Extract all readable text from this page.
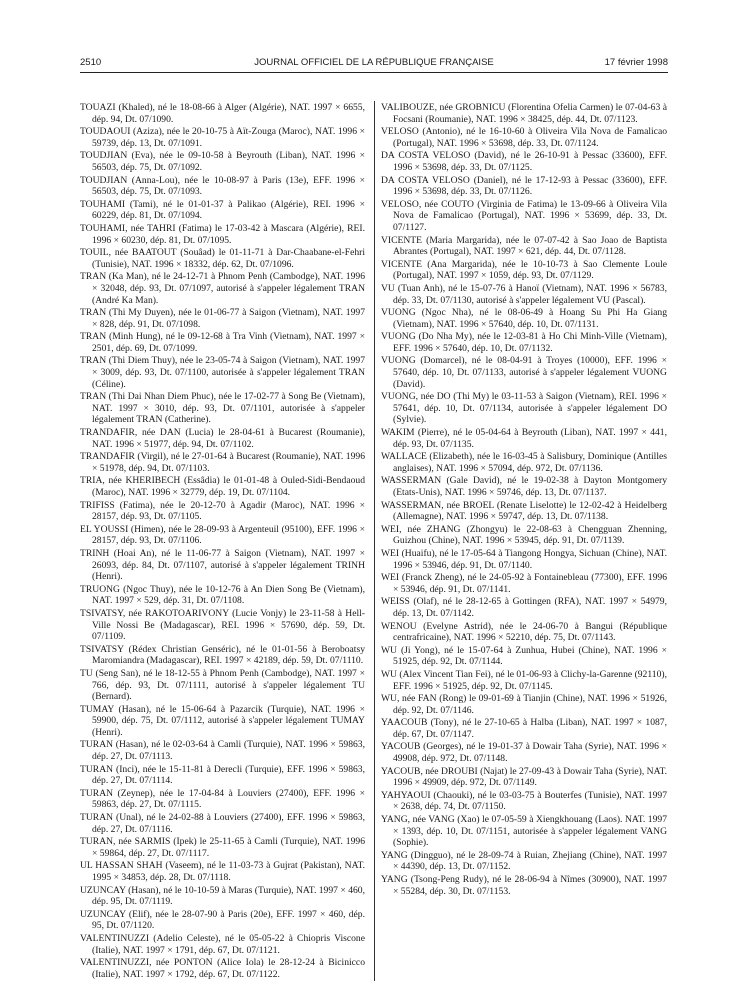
2510	JOURNAL OFFICIEL DE LA RÉPUBLIQUE FRANÇAISE	17 février 1998

TOUAZI (Khaled), né le 18-08-66 à Alger (Algérie), NAT. 1997 × 6655, dép. 94, Dt. 07/1090.

TOUDAOUI (Aziza), née le 20-10-75 à Aït-Zouga (Maroc), NAT. 1996 × 59739, dép. 13, Dt. 07/1091.

TOUDJIAN (Eva), née le 09-10-58 à Beyrouth (Liban), NAT. 1996 × 56503, dép. 75, Dt. 07/1092.

TOUDJIAN (Anna-Lou), née le 10-08-97 à Paris (13e), EFF. 1996 × 56503, dép. 75, Dt. 07/1093.

TOUHAMI (Tami), né le 01-01-37 à Palikao (Algérie), REI. 1996 × 60229, dép. 81, Dt. 07/1094.

TOUHAMI, née TAHRI (Fatima) le 17-03-42 à Mascara (Algérie), REI. 1996 × 60230, dép. 81, Dt. 07/1095.

TOUIL, née BAATOUT (Souâad) le 01-11-71 à Dar-Chaabane-el-Fehri (Tunisie), NAT. 1996 × 18332, dép. 62, Dt. 07/1096.

TRAN (Ka Man), né le 24-12-71 à Phnom Penh (Cambodge), NAT. 1996 × 32048, dép. 93, Dt. 07/1097, autorisé à s'appeler légalement TRAN (André Ka Man).

TRAN (Thi My Duyen), née le 01-06-77 à Saigon (Vietnam), NAT. 1997 × 828, dép. 91, Dt. 07/1098.

TRAN (Minh Hung), né le 09-12-68 à Tra Vinh (Vietnam), NAT. 1997 × 2501, dép. 69, Dt. 07/1099.

TRAN (Thi Diem Thuy), née le 23-05-74 à Saigon (Vietnam), NAT. 1997 × 3009, dép. 93, Dt. 07/1100, autorisée à s'appeler légalement TRAN (Céline).

TRAN (Thi Dai Nhan Diem Phuc), née le 17-02-77 à Song Be (Vietnam), NAT. 1997 × 3010, dép. 93, Dt. 07/1101, autorisée à s'appeler légalement TRAN (Catherine).

TRANDAFIR, née DAN (Lucia) le 28-04-61 à Bucarest (Roumanie), NAT. 1996 × 51977, dép. 94, Dt. 07/1102.

TRANDAFIR (Virgil), né le 27-01-64 à Bucarest (Roumanie), NAT. 1996 × 51978, dép. 94, Dt. 07/1103.

TRIA, née KHERIBECH (Essâdia) le 01-01-48 à Ouled-Sidi-Bendaoud (Maroc), NAT. 1996 × 32779, dép. 19, Dt. 07/1104.

TRIFISS (Fatima), née le 20-12-70 à Agadir (Maroc), NAT. 1996 × 28157, dép. 93, Dt. 07/1105.

EL YOUSSI (Himen), née le 28-09-93 à Argenteuil (95100), EFF. 1996 × 28157, dép. 93, Dt. 07/1106.

TRINH (Hoai An), né le 11-06-77 à Saigon (Vietnam), NAT. 1997 × 26093, dép. 84, Dt. 07/1107, autorisé à s'appeler légalement TRINH (Henri).

TRUONG (Ngoc Thuy), née le 10-12-76 à An Dien Song Be (Vietnam), NAT. 1997 × 529, dép. 31, Dt. 07/1108.

TSIVATSY, née RAKOTOARIVONY (Lucie Vonjy) le 23-11-58 à Hell-Ville Nossi Be (Madagascar), REI. 1996 × 57690, dép. 59, Dt. 07/1109.

TSIVATSY (Rédex Christian Genséric), né le 01-01-56 à Beroboatsy Maromiandra (Madagascar), REI. 1997 × 42189, dép. 59, Dt. 07/1110.

TU (Seng San), né le 18-12-55 à Phnom Penh (Cambodge), NAT. 1997 × 766, dép. 93, Dt. 07/1111, autorisé à s'appeler légalement TU (Bernard).

TUMAY (Hasan), né le 15-06-64 à Pazarcik (Turquie), NAT. 1996 × 59900, dép. 75, Dt. 07/1112, autorisé à s'appeler légalement TUMAY (Henri).

TURAN (Hasan), né le 02-03-64 à Camli (Turquie), NAT. 1996 × 59863, dép. 27, Dt. 07/1113.

TURAN (Inci), née le 15-11-81 à Derecli (Turquie), EFF. 1996 × 59863, dép. 27, Dt. 07/1114.

TURAN (Zeynep), née le 17-04-84 à Louviers (27400), EFF. 1996 × 59863, dép. 27, Dt. 07/1115.

TURAN (Unal), né le 24-02-88 à Louviers (27400), EFF. 1996 × 59863, dép. 27, Dt. 07/1116.

TURAN, née SARMIS (Ipek) le 25-11-65 à Camli (Turquie), NAT. 1996 × 59864, dép. 27, Dt. 07/1117.

UL HASSAN SHAH (Vaseem), né le 11-03-73 à Gujrat (Pakistan), NAT. 1995 × 34853, dép. 28, Dt. 07/1118.

UZUNCAY (Hasan), né le 10-10-59 à Maras (Turquie), NAT. 1997 × 460, dép. 95, Dt. 07/1119.

UZUNCAY (Elif), née le 28-07-90 à Paris (20e), EFF. 1997 × 460, dép. 95, Dt. 07/1120.

VALENTINUZZI (Adelio Celeste), né le 05-05-22 à Chiopris Viscone (Italie), NAT. 1997 × 1791, dép. 67, Dt. 07/1121.

VALENTINUZZI, née PONTON (Alice Iola) le 28-12-24 à Bicinicco (Italie), NAT. 1997 × 1792, dép. 67, Dt. 07/1122.

VALIBOUZE, née GROBNICU (Florentina Ofelia Carmen) le 07-04-63 à Focsani (Roumanie), NAT. 1996 × 38425, dép. 44, Dt. 07/1123.

VELOSO (Antonio), né le 16-10-60 à Oliveira Vila Nova de Famalicao (Portugal), NAT. 1996 × 53698, dép. 33, Dt. 07/1124.

DA COSTA VELOSO (David), né le 26-10-91 à Pessac (33600), EFF. 1996 × 53698, dép. 33, Dt. 07/1125.

DA COSTA VELOSO (Daniel), né le 17-12-93 à Pessac (33600), EFF. 1996 × 53698, dép. 33, Dt. 07/1126.

VELOSO, née COUTO (Virginia de Fatima) le 13-09-66 à Oliveira Vila Nova de Famalicao (Portugal), NAT. 1996 × 53699, dép. 33, Dt. 07/1127.

VICENTE (Maria Margarida), née le 07-07-42 à Sao Joao de Baptista Abrantes (Portugal), NAT. 1997 × 621, dép. 44, Dt. 07/1128.

VICENTE (Ana Margarida), née le 10-10-73 à Sao Clemente Loule (Portugal), NAT. 1997 × 1059, dép. 93, Dt. 07/1129.

VU (Tuan Anh), né le 15-07-76 à Hanoï (Vietnam), NAT. 1996 × 56783, dép. 33, Dt. 07/1130, autorisé à s'appeler légalement VU (Pascal).

VUONG (Ngoc Nha), né le 08-06-49 à Hoang Su Phi Ha Giang (Vietnam), NAT. 1996 × 57640, dép. 10, Dt. 07/1131.

VUONG (Do Nha My), née le 12-03-81 à Ho Chi Minh-Ville (Vietnam), EFF. 1996 × 57640, dép. 10, Dt. 07/1132.

VUONG (Domarcel), né le 08-04-91 à Troyes (10000), EFF. 1996 × 57640, dép. 10, Dt. 07/1133, autorisé à s'appeler légalement VUONG (David).

VUONG, née DO (Thi My) le 03-11-53 à Saigon (Vietnam), REI. 1996 × 57641, dép. 10, Dt. 07/1134, autorisée à s'appeler légalement DO (Sylvie).

WAKIM (Pierre), né le 05-04-64 à Beyrouth (Liban), NAT. 1997 × 441, dép. 93, Dt. 07/1135.

WALLACE (Elizabeth), née le 16-03-45 à Salisbury, Dominique (Antilles anglaises), NAT. 1996 × 57094, dép. 972, Dt. 07/1136.

WASSERMAN (Gale David), né le 19-02-38 à Dayton Montgomery (Etats-Unis), NAT. 1996 × 59746, dép. 13, Dt. 07/1137.

WASSERMAN, née BROEL (Renate Liselotte) le 12-02-42 à Heidelberg (Allemagne), NAT. 1996 × 59747, dép. 13, Dt. 07/1138.

WEI, née ZHANG (Zhongyu) le 22-08-63 à Chengguan Zhenning, Guizhou (Chine), NAT. 1996 × 53945, dép. 91, Dt. 07/1139.

WEI (Huaifu), né le 17-05-64 à Tiangong Hongya, Sichuan (Chine), NAT. 1996 × 53946, dép. 91, Dt. 07/1140.

WEI (Franck Zheng), né le 24-05-92 à Fontainebleau (77300), EFF. 1996 × 53946, dép. 91, Dt. 07/1141.

WEISS (Olaf), né le 28-12-65 à Gottingen (RFA), NAT. 1997 × 54979, dép. 13, Dt. 07/1142.

WENOU (Evelyne Astrid), née le 24-06-70 à Bangui (République centrafricaine), NAT. 1996 × 52210, dép. 75, Dt. 07/1143.

WU (Ji Yong), né le 15-07-64 à Zunhua, Hubei (Chine), NAT. 1996 × 51925, dép. 92, Dt. 07/1144.

WU (Alex Vincent Tian Fei), né le 01-06-93 à Clichy-la-Garenne (92110), EFF. 1996 × 51925, dép. 92, Dt. 07/1145.

WU, née FAN (Rong) le 09-01-69 à Tianjin (Chine), NAT. 1996 × 51926, dép. 92, Dt. 07/1146.

YAACOUB (Tony), né le 27-10-65 à Halba (Liban), NAT. 1997 × 1087, dép. 67, Dt. 07/1147.

YACOUB (Georges), né le 19-01-37 à Dowair Taha (Syrie), NAT. 1996 × 49908, dép. 972, Dt. 07/1148.

YACOUB, née DROUBI (Najat) le 27-09-43 à Dowair Taha (Syrie), NAT. 1996 × 49909, dép. 972, Dt. 07/1149.

YAHYAOUI (Chaouki), né le 03-03-75 à Bouterfes (Tunisie), NAT. 1997 × 2638, dép. 74, Dt. 07/1150.

YANG, née VANG (Xao) le 07-05-59 à Xiengkhouang (Laos). NAT. 1997 × 1393, dép. 10, Dt. 07/1151, autorisée à s'appeler légalement VANG (Sophie).

YANG (Dingguo), né le 28-09-74 à Ruian, Zhejiang (Chine), NAT. 1997 × 44390, dép. 13, Dt. 07/1152.

YANG (Tsong-Peng Rudy), né le 28-06-94 à Nîmes (30900), NAT. 1997 × 55284, dép. 30, Dt. 07/1153.
